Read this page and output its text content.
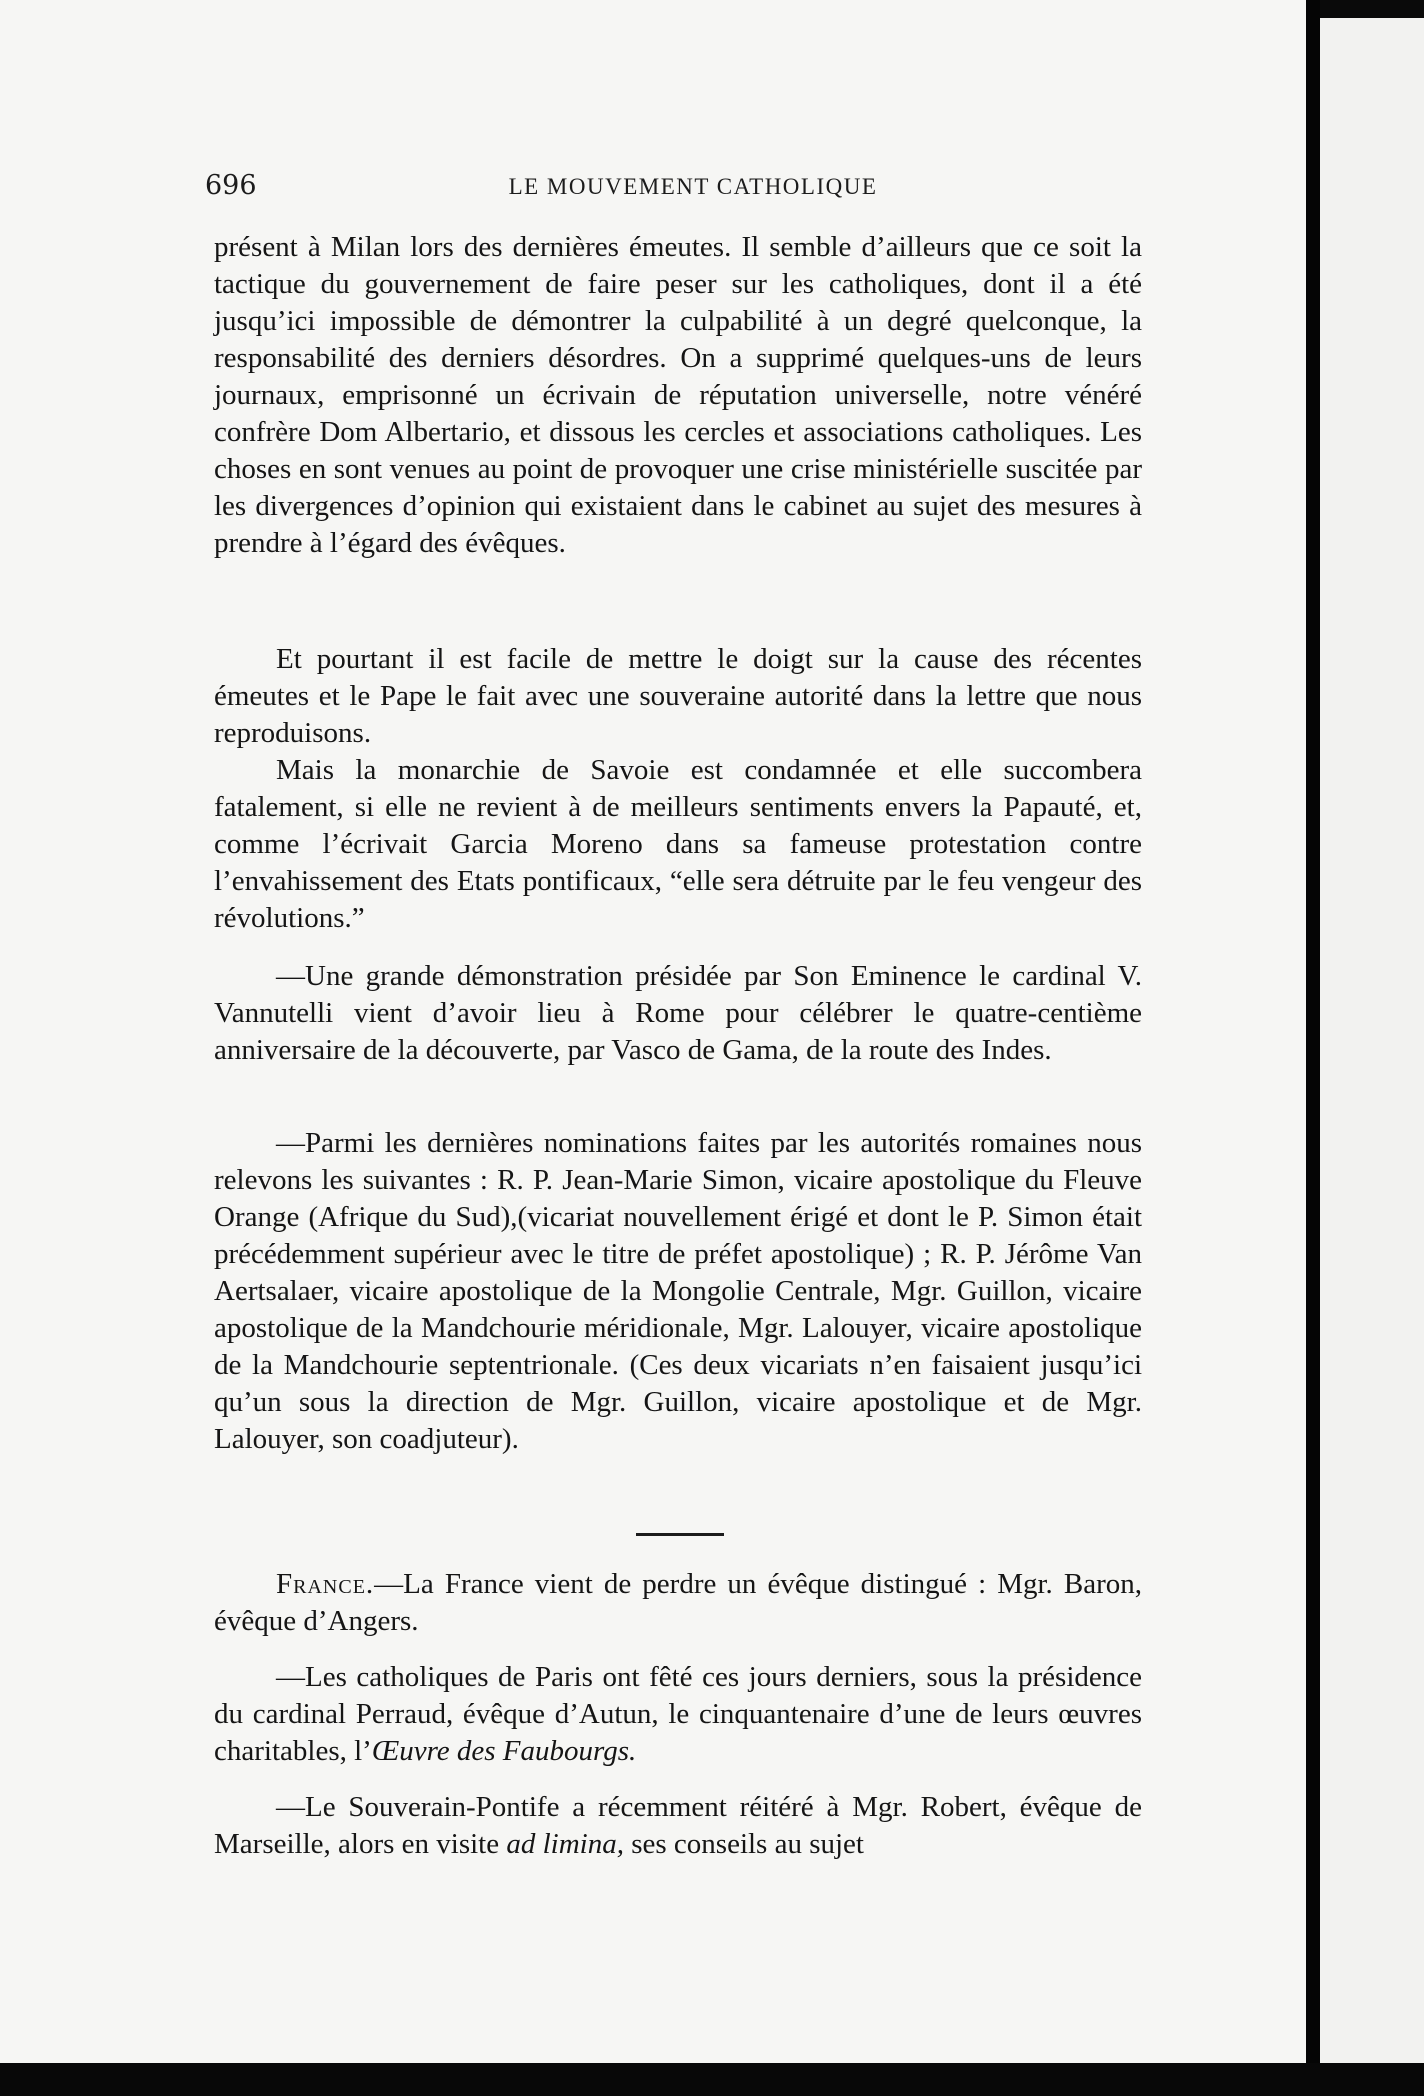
696	LE MOUVEMENT CATHOLIQUE

présent à Milan lors des dernières émeutes. Il semble d’ailleurs que ce soit la tactique du gouvernement de faire peser sur les catholiques, dont il a été jusqu’ici impossible de démontrer la culpabilité à un degré quelconque, la responsabilité des derniers désordres. On a supprimé quelques-uns de leurs journaux, emprisonné un écrivain de réputation universelle, notre vénéré confrère Dom Albertario, et dissous les cercles et associations catholiques. Les choses en sont venues au point de provoquer une crise ministérielle suscitée par les divergences d’opinion qui existaient dans le cabinet au sujet des mesures à prendre à l’égard des évêques.

Et pourtant il est facile de mettre le doigt sur la cause des récentes émeutes et le Pape le fait avec une souveraine autorité dans la lettre que nous reproduisons.

Mais la monarchie de Savoie est condamnée et elle succombera fatalement, si elle ne revient à de meilleurs sentiments envers la Papauté, et, comme l’écrivait Garcia Moreno dans sa fameuse protestation contre l’envahissement des Etats pontificaux, “elle sera détruite par le feu vengeur des révolutions.”

—Une grande démonstration présidée par Son Eminence le cardinal V. Vannutelli vient d’avoir lieu à Rome pour célébrer le quatre-centième anniversaire de la découverte, par Vasco de Gama, de la route des Indes.

—Parmi les dernières nominations faites par les autorités romaines nous relevons les suivantes : R. P. Jean-Marie Simon, vicaire apostolique du Fleuve Orange (Afrique du Sud),(vicariat nouvellement érigé et dont le P. Simon était précédemment supérieur avec le titre de préfet apostolique) ; R. P. Jérôme Van Aertsalaer, vicaire apostolique de la Mongolie Centrale, Mgr. Guillon, vicaire apostolique de la Mandchourie méridionale, Mgr. Lalouyer, vicaire apostolique de la Mandchourie septentrionale. (Ces deux vicariats n’en faisaient jusqu’ici qu’un sous la direction de Mgr. Guillon, vicaire apostolique et de Mgr. Lalouyer, son coadjuteur).

France.—La France vient de perdre un évêque distingué : Mgr. Baron, évêque d’Angers.

—Les catholiques de Paris ont fêté ces jours derniers, sous la présidence du cardinal Perraud, évêque d’Autun, le cinquantenaire d’une de leurs œuvres charitables, l’Œuvre des Faubourgs.

—Le Souverain-Pontife a récemment réitéré à Mgr. Robert, évêque de Marseille, alors en visite ad limina, ses conseils au sujet
